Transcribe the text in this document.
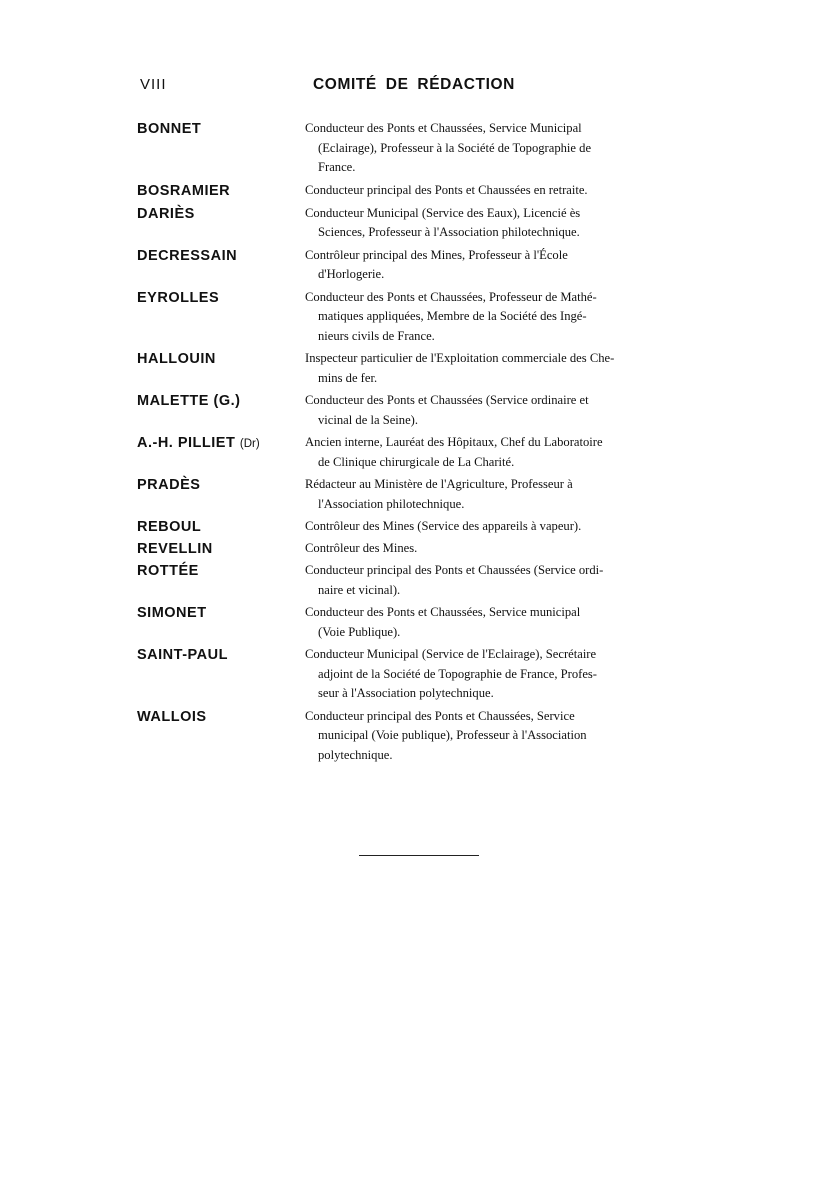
VIII	COMITÉ DE RÉDACTION
BONNET	Conducteur des Ponts et Chaussées, Service Municipal
(Eclairage), Professeur à la Société de Topographie de
France.
BOSRAMIER	Conducteur principal des Ponts et Chaussées en retraite.
DARIÈS	Conducteur Municipal (Service des Eaux), Licencié ès
Sciences, Professeur à l'Association philotechnique.
DECRESSAIN	Contrôleur principal des Mines, Professeur à l'École
d'Horlogerie.
EYROLLES	Conducteur des Ponts et Chaussées, Professeur de Mathé-
matiques appliquées, Membre de la Société des Ingé-
nieurs civils de France.
HALLOUIN	Inspecteur particulier de l'Exploitation commerciale des Che-
mins de fer.
MALETTE (G.)	Conducteur des Ponts et Chaussées (Service ordinaire et
vicinal de la Seine).
A.-H. PILLIET (Dr)	Ancien interne, Lauréat des Hôpitaux, Chef du Laboratoire
de Clinique chirurgicale de La Charité.
PRADÈS	Rédacteur au Ministère de l'Agriculture, Professeur à
l'Association philotechnique.
REBOUL	Contrôleur des Mines (Service des appareils à vapeur).
REVELLIN	Contrôleur des Mines.
ROTTÉE	Conducteur principal des Ponts et Chaussées (Service ordi-
naire et vicinal).
SIMONET	Conducteur des Ponts et Chaussées, Service municipal
(Voie Publique).
SAINT-PAUL	Conducteur Municipal (Service de l'Eclairage), Secrétaire
adjoint de la Société de Topographie de France, Profes-
seur à l'Association polytechnique.
WALLOIS	Conducteur principal des Ponts et Chaussées, Service
municipal (Voie publique), Professeur à l'Association
polytechnique.
